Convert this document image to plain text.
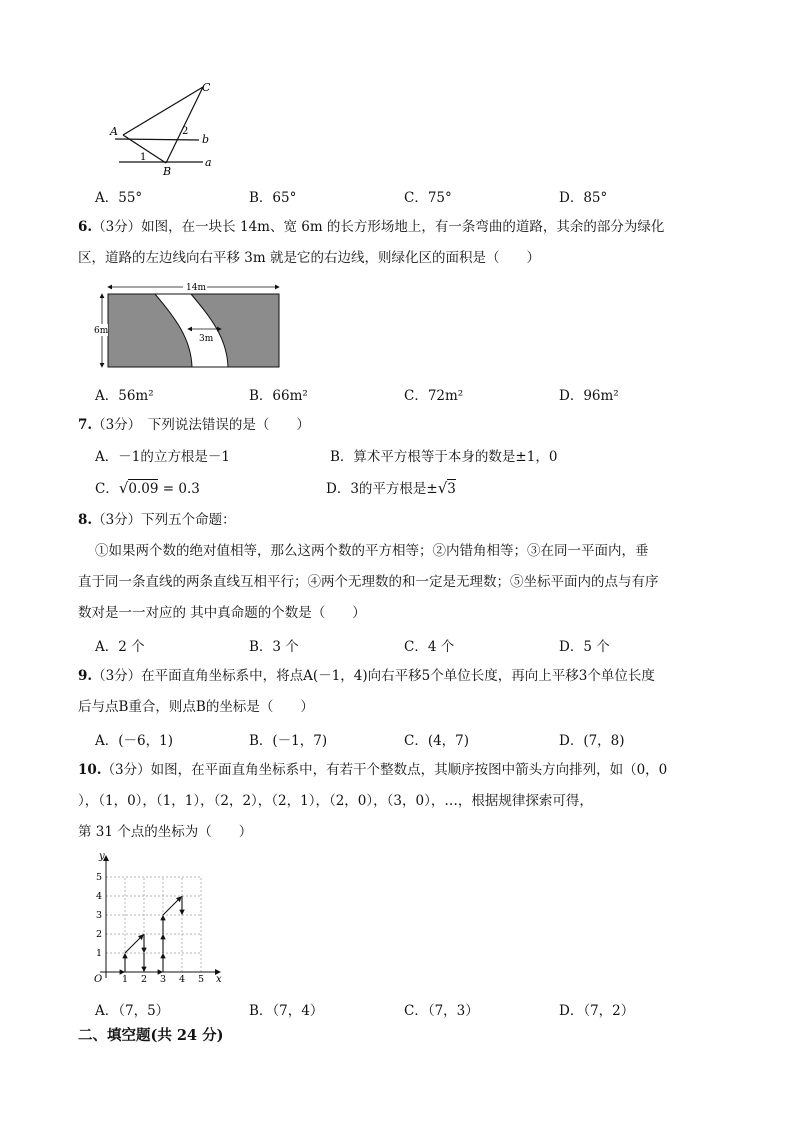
A
B
C
b
a
1
2
A．55°	B．65°	C．75°	D．85°
6.（3分）如图，在一块长 14m、宽 6m 的长方形场地上，有一条弯曲的道路，其余的部分为绿化
区，道路的左边线向右平移 3m 就是它的右边线，则绿化区的面积是（　　）
14m
6m
3m
A．56m²	B．66m²	C．72m²	D．96m²
7.（3分）　下列说法错误的是（　　）
A．－1的立方根是－1	B．算术平方根等于本身的数是±1，0
C．√0.09 = 0.3	D．3的平方根是±√3
8.（3分）下列五个命题：
①如果两个数的绝对值相等，那么这两个数的平方相等；②内错角相等；③在同一平面内，垂
直于同一条直线的两条直线互相平行；④两个无理数的和一定是无理数；⑤坐标平面内的点与有序
数对是一一对应的 其中真命题的个数是（　　）
A．2 个	B．3 个	C．4 个	D．5 个
9.（3分）在平面直角坐标系中，将点A(－1，4)向右平移5个单位长度，再向上平移3个单位长度
后与点B重合，则点B的坐标是（　　）
A．(－6，1)	B．(－1，7)	C．(4，7)	D．(7，8)
10.（3分）如图，在平面直角坐标系中，有若干个整数点，其顺序按图中箭头方向排列，如（0，0
），（1，0），（1，1），（2，2），（2，1），（2，0），（3，0），…，根据规律探索可得，
第 31 个点的坐标为（　　）
x
y
O 1 2 3 4 5
1
2
3
4
5
A．（7，5）	B．（7，4）	C．（7，3）	D．（7，2）
二、填空题(共 24 分)
